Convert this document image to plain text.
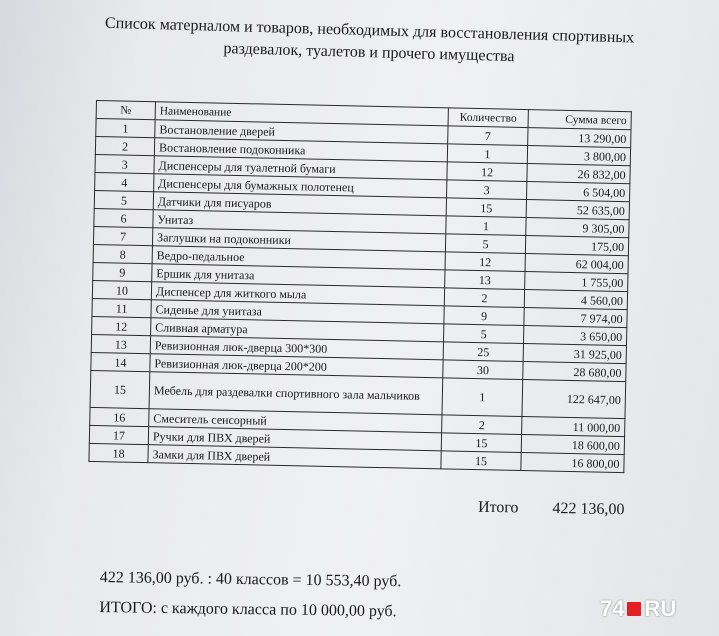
Список матерналом и товаров, необходимых для восстановления спортивных
раздевалок, туалетов и прочего имущества
№	Наименование	Количество	Сумма всего
1	Востановление дверей	7	13 290,00
2	Востановление подоконника	1	3 800,00
3	Диспенсеры для туалетной бумаги	12	26 832,00
4	Диспенсеры для бумажных полотенец	3	6 504,00
5	Датчики для писуаров	15	52 635,00
6	Унитаз	1	9 305,00
7	Заглушки на подоконники	5	175,00
8	Ведро-педальное	12	62 004,00
9	Ершик для унитаза	13	1 755,00
10	Диспенсер для житкого мыла	2	4 560,00
11	Сиденье для унитаза	9	7 974,00
12	Сливная арматура	5	3 650,00
13	Ревизионная люк-дверца 300*300	25	31 925,00
14	Ревизионная люк-дверца 200*200	30	28 680,00
15	Мебель для раздевалки спортивного зала мальчиков	1	122 647,00
16	Смеситель сенсорный	2	11 000,00
17	Ручки для ПВХ дверей	15	18 600,00
18	Замки для ПВХ дверей	15	16 800,00
Итого 422 136,00
422 136,00 руб. : 40 классов = 10 553,40 руб.
ИТОГО: с каждого класса по 10 000,00 руб.	74 RU
